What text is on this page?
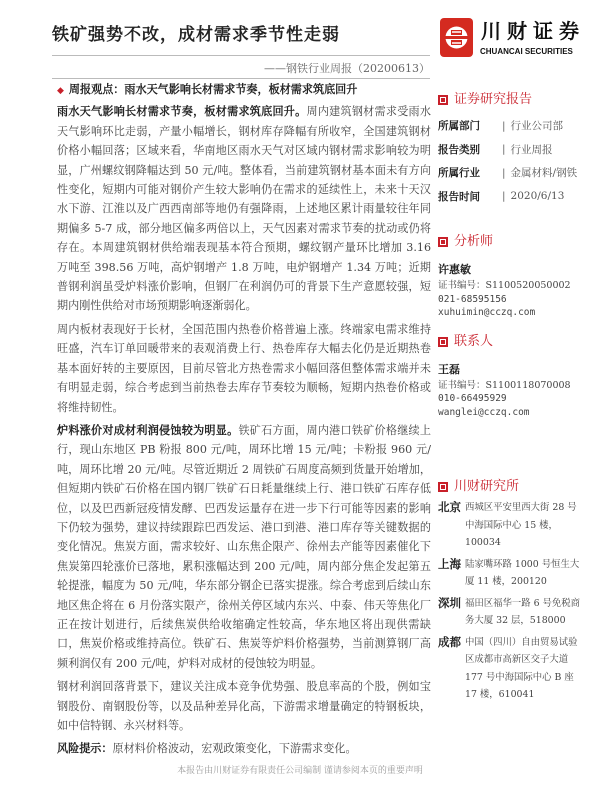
铁矿强势不改，成材需求季节性走弱
——钢铁行业周报（20200613）
川财证券
CHUANCAI SECURITIES
◆ 周报观点：雨水天气影响长材需求节奏，板材需求筑底回升

雨水天气影响长材需求节奏，板材需求筑底回升。周内建筑钢材需求受雨水天气影响环比走弱，产量小幅增长，钢材库存降幅有所收窄，全国建筑钢材价格小幅回落；区域来看，华南地区雨水天气对区域内钢材需求影响较为明显，广州螺纹钢降幅达到 50 元/吨。整体看，当前建筑钢材基本面未有方向性变化，短期内可能对钢价产生较大影响仍在需求的延续性上，未来十天汉水下游、江淮以及广西西南部等地仍有强降雨，上述地区累计雨量较往年同期偏多 5-7 成，部分地区偏多两倍以上，天气因素对需求节奏的扰动或仍将存在。本周建筑钢材供给端表现基本符合预期，螺纹钢产量环比增加 3.16 万吨至 398.56 万吨，高炉钢增产 1.8 万吨，电炉钢增产 1.34 万吨；近期普钢利润虽受炉料涨价影响，但钢厂在利润仍可的背景下生产意愿较强，短期内刚性供给对市场预期影响逐渐弱化。

周内板材表现好于长材，全国范围内热卷价格普遍上涨。终端家电需求维持旺盛，汽车订单回暖带来的表观消费上行、热卷库存大幅去化仍是近期热卷基本面好转的主要原因，目前尽管北方热卷需求小幅回落但整体需求端并未有明显走弱，综合考虑到当前热卷去库存节奏较为顺畅，短期内热卷价格或将维持韧性。

炉料涨价对成材利润侵蚀较为明显。铁矿石方面，周内港口铁矿价格继续上行，现山东地区 PB 粉报 800 元/吨，周环比增 15 元/吨；卡粉报 960 元/吨，周环比增 20 元/吨。尽管近期近 2 周铁矿石周度高频到货量开始增加，但短期内铁矿石价格在国内钢厂铁矿石日耗量继续上行、港口铁矿石库存低位，以及巴西新冠疫情发酵、巴西发运量存在进一步下行可能等因素的影响下仍较为强势，建议持续跟踪巴西发运、港口到港、港口库存等关键数据的变化情况。焦炭方面，需求较好、山东焦企限产、徐州去产能等因素催化下焦炭第四轮涨价已落地，累积涨幅达到 200 元/吨，周内部分焦企发起第五轮提涨，幅度为 50 元/吨，华东部分钢企已落实提涨。综合考虑到后续山东地区焦企将在 6 月份落实限产，徐州关停区域内东兴、中泰、伟天等焦化厂正在按计划进行，后续焦炭供给收缩确定性较高，华东地区将出现供需缺口，焦炭价格或维持高位。铁矿石、焦炭等炉料价格强势，当前测算钢厂高频利润仅有 200 元/吨，炉料对成材的侵蚀较为明显。

钢材利润回落背景下，建议关注成本竞争优势强、股息率高的个股，例如宝钢股份、南钢股份等，以及品种差异化高，下游需求增量确定的特钢板块，如中信特钢、永兴材料等。

风险提示：原材料价格波动，宏观政策变化，下游需求变化。

本报告由川财证券有限责任公司编制 谨请参阅本页的重要声明
证券研究报告
所属部门	| 行业公司部
报告类别	| 行业周报
所属行业	| 金属材料/钢铁
报告时间	| 2020/6/13
分析师
许惠敏
证书编号：S1100520050002
021-68595156
xuhuimin@cczq.com
联系人
王磊
证书编号：S1100118070008
010-66495929
wanglei@cczq.com
川财研究所
北京 西城区平安里西大街 28 号中海国际中心 15 楼，100034
上海 陆家嘴环路 1000 号恒生大厦 11 楼，200120
深圳 福田区福华一路 6 号免税商务大厦 32 层，518000
成都 中国（四川）自由贸易试验区成都市高新区交子大道 177 号中海国际中心 B 座 17 楼，610041
